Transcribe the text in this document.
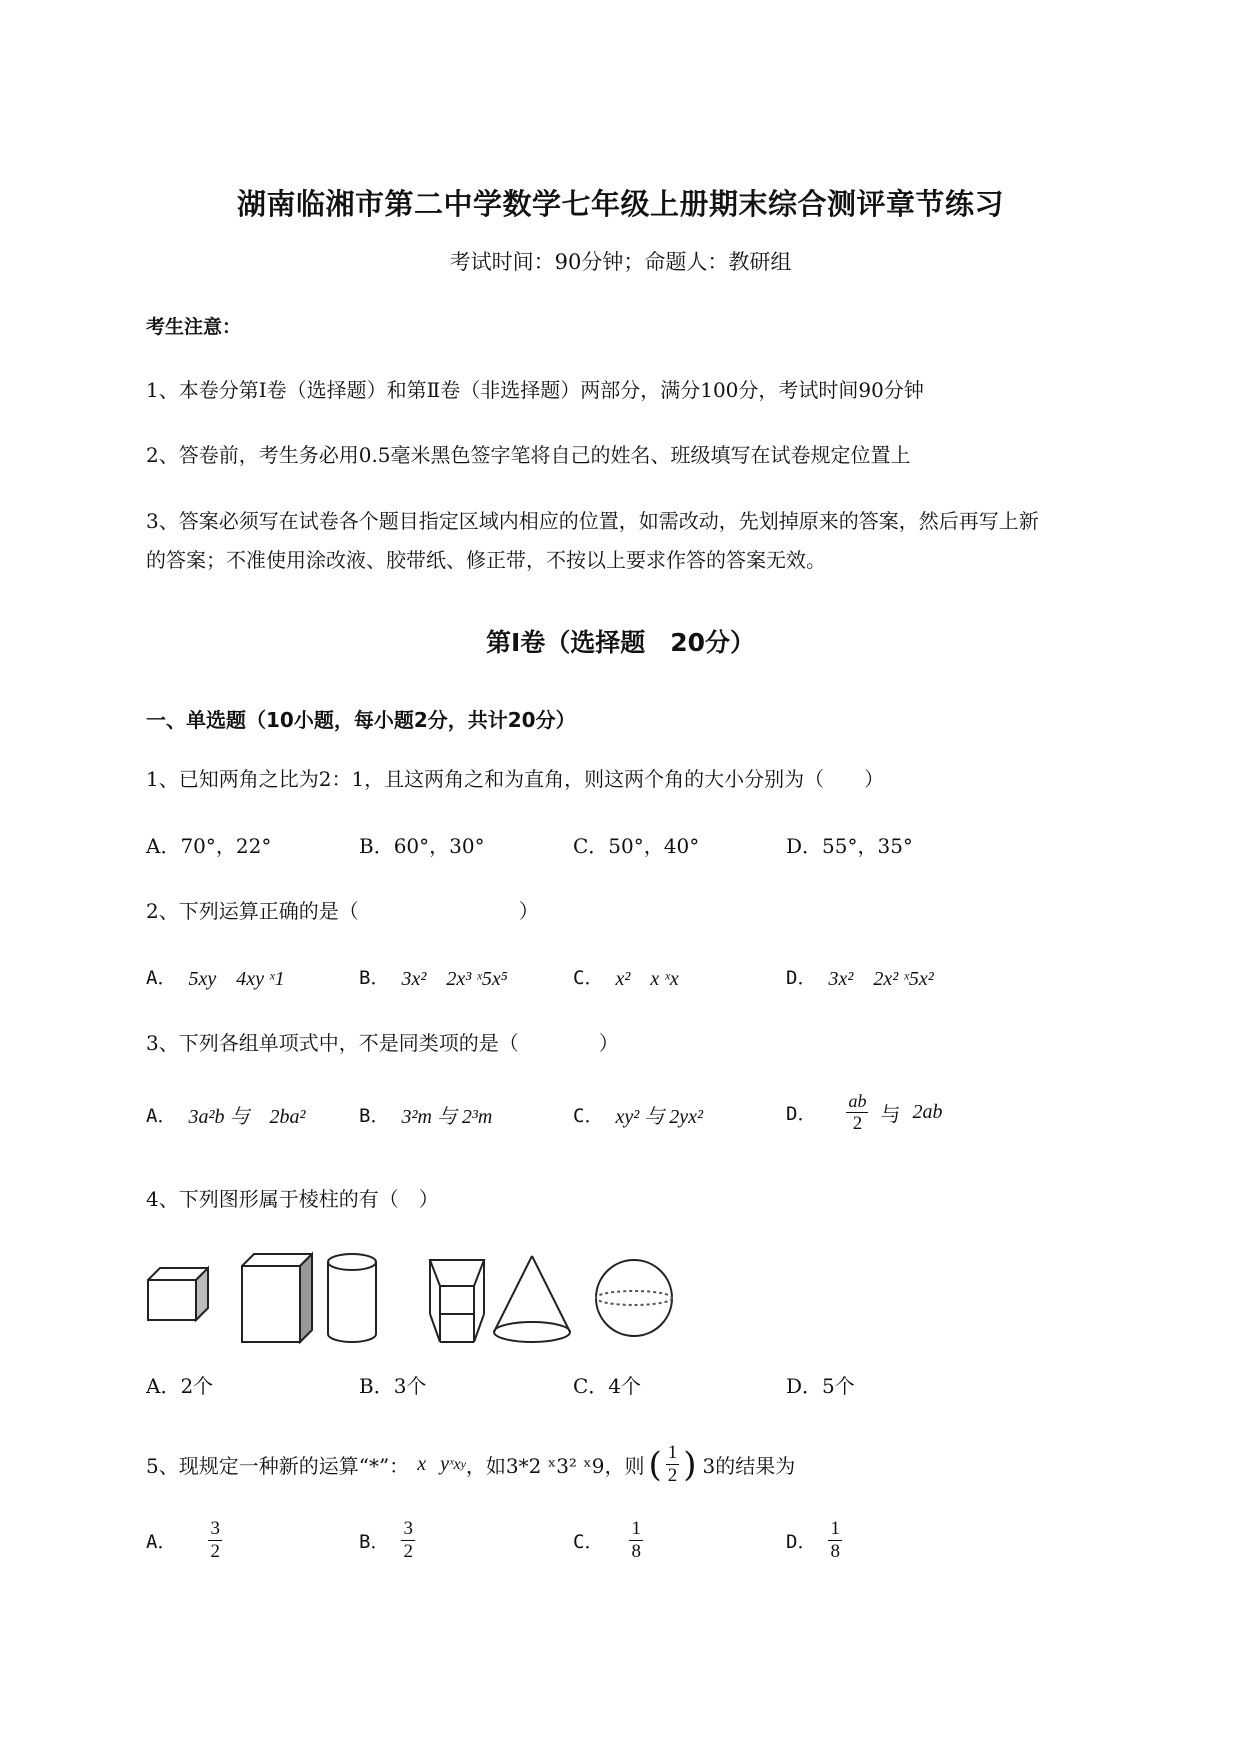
湖南临湘市第二中学数学七年级上册期末综合测评章节练习
考试时间：90分钟；命题人：教研组
考生注意：
1、本卷分第I卷（选择题）和第Ⅱ卷（非选择题）两部分，满分100分，考试时间90分钟
2、答卷前，考生务必用0.5毫米黑色签字笔将自己的姓名、班级填写在试卷规定位置上
3、答案必须写在试卷各个题目指定区域内相应的位置，如需改动，先划掉原来的答案，然后再写上新
的答案；不准使用涂改液、胶带纸、修正带，不按以上要求作答的答案无效。
第I卷（选择题　20分）
一、单选题（10小题，每小题2分，共计20分）
1、已知两角之比为2：1，且这两角之和为直角，则这两个角的大小分别为（　　）
A．70°，22°	B．60°，30°	C．50°，40°	D．55°，35°
2、下列运算正确的是（　　　　　　　　）
A． 5xy　4xy ˣ1	B． 3x²　2x³ ˣ5x⁵	C． x²　x ˣx	D． 3x²　2x² ˣ5x²
3、下列各组单项式中，不是同类项的是（　　　　）
A． 3a²b 与　2ba²	B． 3²m 与 2³m	C． xy² 与 2yx²	D． $\frac{ab}{2}$ 与 2ab
4、下列图形属于棱柱的有（　）
A．2个	B．3个	C．4个	D．5个
5、现规定一种新的运算“*”： x y ˣx y ，如3*2 ˣ3² ˣ9，则 ( $\frac{1}{2}$ ) 3的结果为
A． $\frac{3}{2}$	B． $\frac{3}{2}$	C． $\frac{1}{8}$	D． $\frac{1}{8}$
